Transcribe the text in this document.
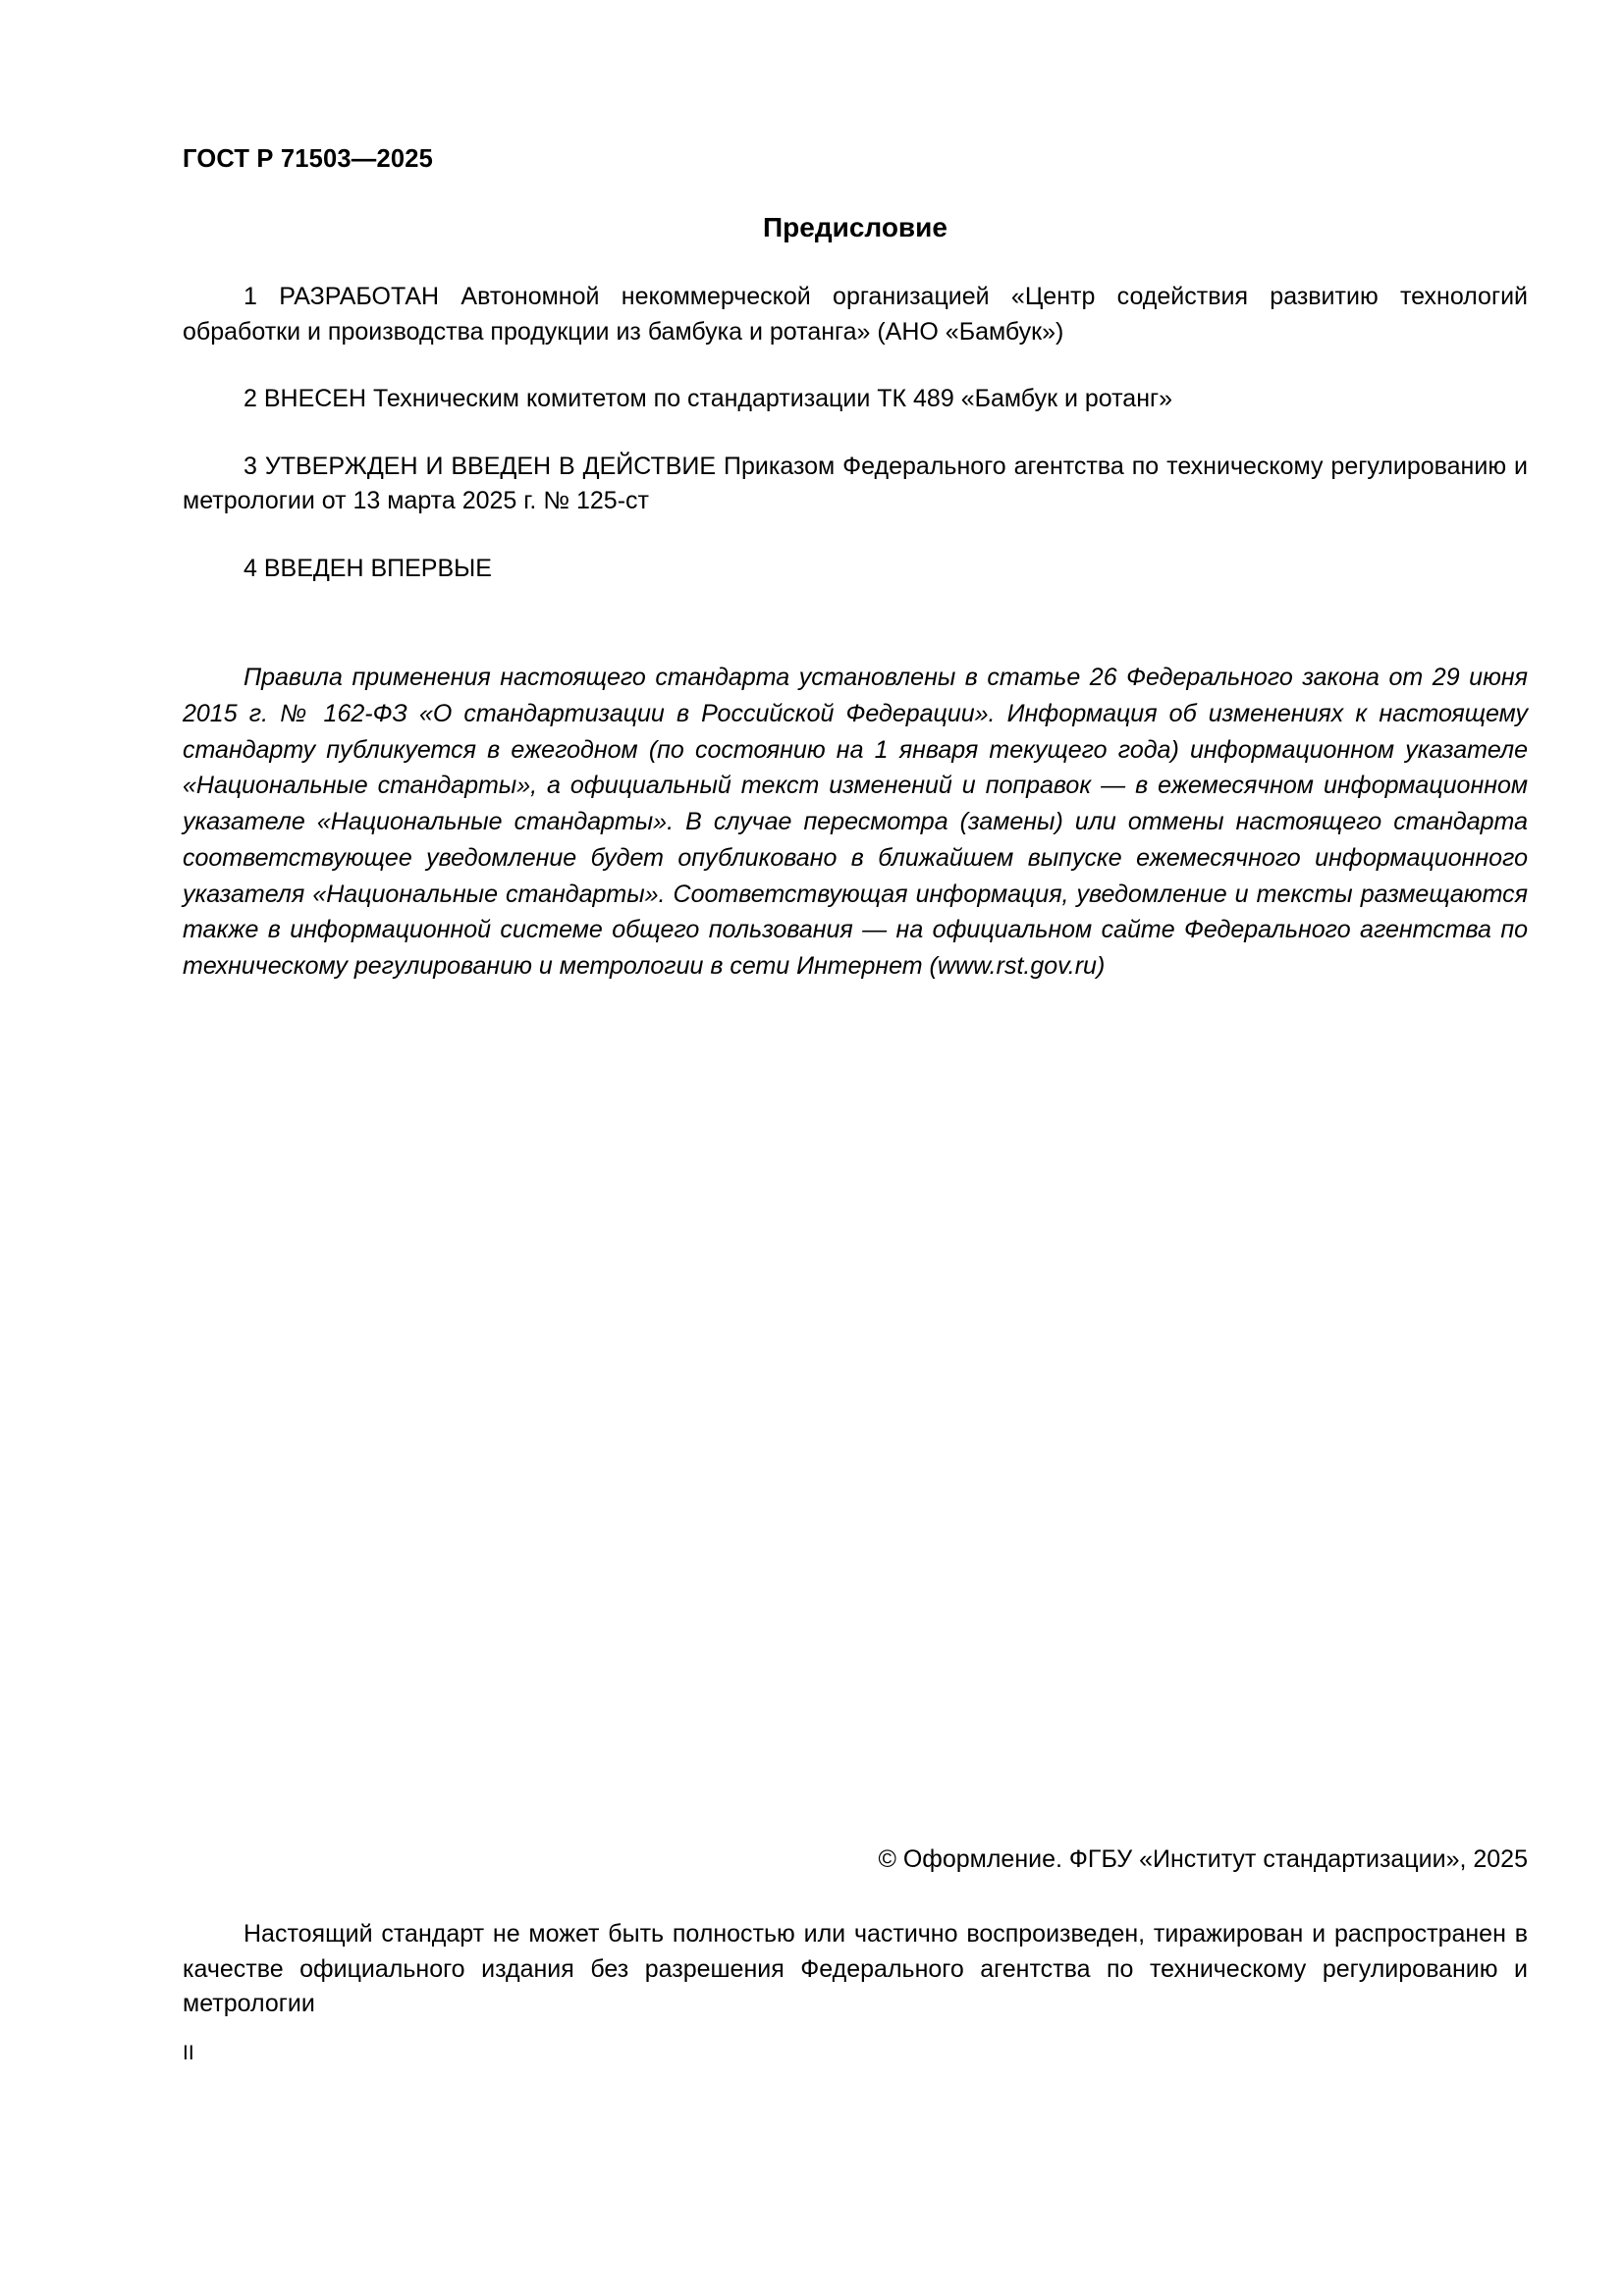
ГОСТ Р 71503—2025
Предисловие

1 РАЗРАБОТАН Автономной некоммерческой организацией «Центр содействия развитию технологий обработки и производства продукции из бамбука и ротанга» (АНО «Бамбук»)

2 ВНЕСЕН Техническим комитетом по стандартизации ТК 489 «Бамбук и ротанг»

3 УТВЕРЖДЕН И ВВЕДЕН В ДЕЙСТВИЕ Приказом Федерального агентства по техническому регулированию и метрологии от 13 марта 2025 г. № 125-ст

4 ВВЕДЕН ВПЕРВЫЕ

Правила применения настоящего стандарта установлены в статье 26 Федерального закона от 29 июня 2015 г. № 162-ФЗ «О стандартизации в Российской Федерации». Информация об изменениях к настоящему стандарту публикуется в ежегодном (по состоянию на 1 января текущего года) информационном указателе «Национальные стандарты», а официальный текст изменений и поправок — в ежемесячном информационном указателе «Национальные стандарты». В случае пересмотра (замены) или отмены настоящего стандарта соответствующее уведомление будет опубликовано в ближайшем выпуске ежемесячного информационного указателя «Национальные стандарты». Соответствующая информация, уведомление и тексты размещаются также в информационной системе общего пользования — на официальном сайте Федерального агентства по техническому регулированию и метрологии в сети Интернет (www.rst.gov.ru)
© Оформление. ФГБУ «Институт стандартизации», 2025
Настоящий стандарт не может быть полностью или частично воспроизведен, тиражирован и распространен в качестве официального издания без разрешения Федерального агентства по техническому регулированию и метрологии
II
